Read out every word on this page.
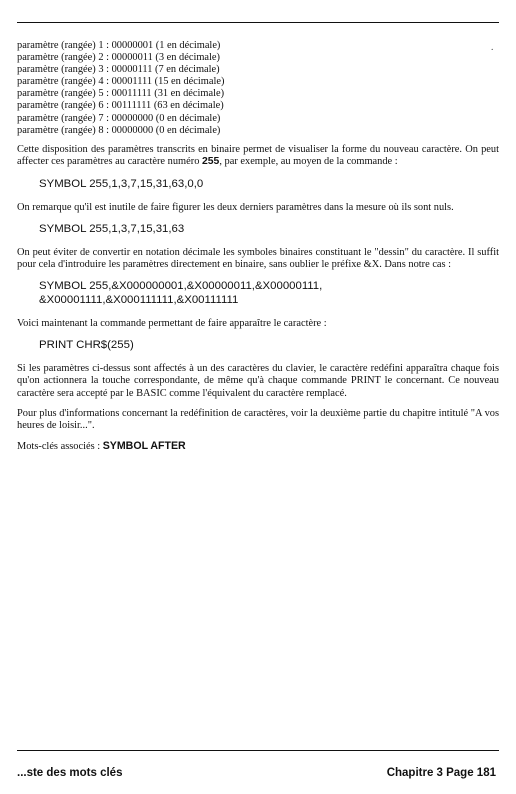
·
paramètre (rangée) 1 : 00000001 (1 en décimale)
paramètre (rangée) 2 : 00000011 (3 en décimale)
paramètre (rangée) 3 : 00000111 (7 en décimale)
paramètre (rangée) 4 : 00001111 (15 en décimale)
paramètre (rangée) 5 : 00011111 (31 en décimale)
paramètre (rangée) 6 : 00111111 (63 en décimale)
paramètre (rangée) 7 : 00000000 (0 en décimale)
paramètre (rangée) 8 : 00000000 (0 en décimale)

Cette disposition des paramètres transcrits en binaire permet de visualiser la forme du nouveau caractère. On peut affecter ces paramètres au caractère numéro 255, par exemple, au moyen de la commande :

SYMBOL 255,1,3,7,15,31,63,0,0

On remarque qu'il est inutile de faire figurer les deux derniers paramètres dans la mesure où ils sont nuls.

SYMBOL 255,1,3,7,15,31,63

On peut éviter de convertir en notation décimale les symboles binaires constituant le "dessin" du caractère. Il suffit pour cela d'introduire les paramètres directement en binaire, sans oublier le préfixe &X. Dans notre cas :

SYMBOL 255,&X000000001,&X00000011,&X00000111,
&X00001111,&X000111111,&X00111111

Voici maintenant la commande permettant de faire apparaître le caractère :

PRINT CHR$(255)

Si les paramètres ci-dessus sont affectés à un des caractères du clavier, le caractère redéfini apparaîtra chaque fois qu'on actionnera la touche correspondante, de même qu'à chaque commande PRINT le concernant. Ce nouveau caractère sera accepté par le BASIC comme l'équivalent du caractère remplacé.

Pour plus d'informations concernant la redéfinition de caractères, voir la deuxième partie du chapitre intitulé "A vos heures de loisir...".

Mots-clés associés : SYMBOL AFTER
...ste des mots clés	Chapitre 3 Page 181
